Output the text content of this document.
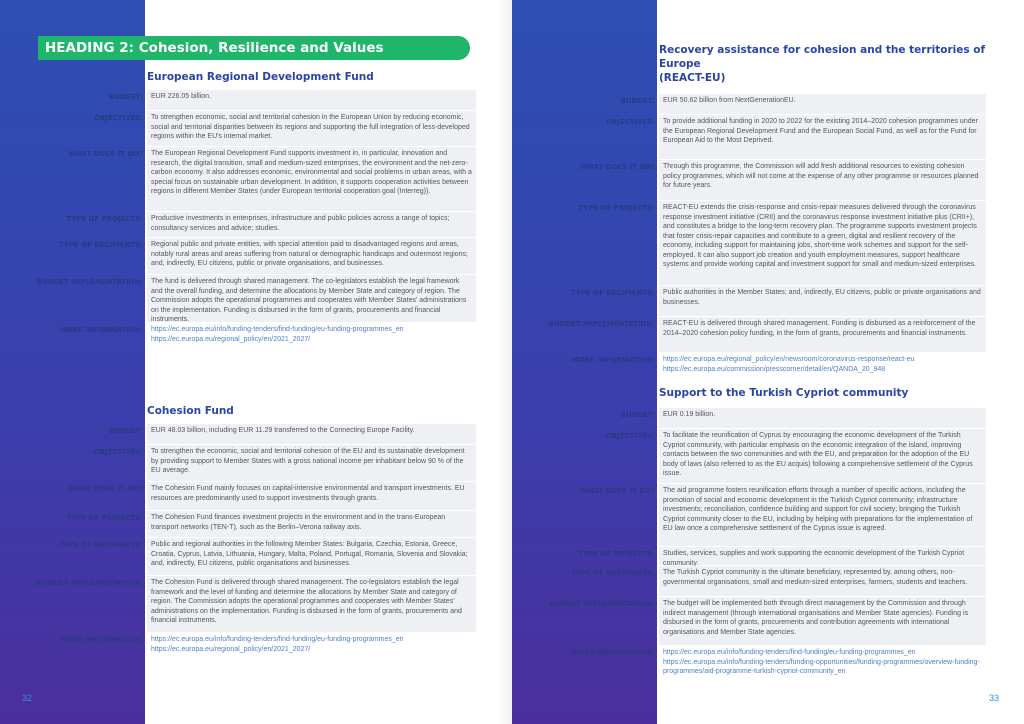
HEADING 2: Cohesion, Resilience and Values
European Regional Development Fund
BUDGET:	EUR 226.05 billion.
OBJECTIVES:	To strengthen economic, social and territorial cohesion in the European Union by reducing economic, social and territorial disparities between its regions and supporting the full integration of less-developed regions within the EU's internal market.
WHAT DOES IT DO?	The European Regional Development Fund supports investment in, in particular, innovation and research, the digital transition, small and medium-sized enterprises, the environment and the net-zero-carbon economy. It also addresses economic, environmental and social problems in urban areas, with a special focus on sustainable urban development. In addition, it supports cooperation activities between regions in different Member States (under European territorial cooperation goal (Interreg)).
TYPE OF PROJECTS:	Productive investments in enterprises, infrastructure and public policies across a range of topics; consultancy services and advice; studies.
TYPE OF RECIPIENTS:	Regional public and private entities, with special attention paid to disadvantaged regions and areas, notably rural areas and areas suffering from natural or demographic handicaps and outermost regions; and, indirectly, EU citizens, public or private organisations, and businesses.
BUDGET IMPLEMENTATION:	The fund is delivered through shared management. The co-legislators establish the legal framework and the overall funding, and determine the allocations by Member State and category of region. The Commission adopts the operational programmes and cooperates with Member States' administrations on the implementation. Funding is disbursed in the form of grants, procurements and financial instruments.
MORE INFORMATION:	https://ec.europa.eu/info/funding-tenders/find-funding/eu-funding-programmes_en
https://ec.europa.eu/regional_policy/en/2021_2027/
Cohesion Fund
BUDGET:	EUR 48.03 billion, including EUR 11.29 transferred to the Connecting Europe Facility.
OBJECTIVES:	To strengthen the economic, social and territorial cohesion of the EU and its sustainable development by providing support to Member States with a gross national income per inhabitant below 90 % of the EU average.
WHAT DOES IT DO?	The Cohesion Fund mainly focuses on capital-intensive environmental and transport investments. EU resources are predominantly used to support investments through grants.
TYPE OF PROJECTS:	The Cohesion Fund finances investment projects in the environment and in the trans-European transport networks (TEN-T), such as the Berlin–Verona railway axis.
TYPE OF RECIPIENTS:	Public and regional authorities in the following Member States: Bulgaria, Czechia, Estonia, Greece, Croatia, Cyprus, Latvia, Lithuania, Hungary, Malta, Poland, Portugal, Romania, Slovenia and Slovakia; and, indirectly, EU citizens, public organisations and businesses.
BUDGET IMPLEMENTATION:	The Cohesion Fund is delivered through shared management. The co-legislators establish the legal framework and the level of funding and determine the allocations by Member State and category of region. The Commission adopts the operational programmes and cooperates with Member States' administrations on the implementation. Funding is disbursed in the form of grants, procurements and financial instruments.
MORE INFORMATION:	https://ec.europa.eu/info/funding-tenders/find-funding/eu-funding-programmes_en
https://ec.europa.eu/regional_policy/en/2021_2027/
32
Recovery assistance for cohesion and the territories of Europe
(REACT-EU)
BUDGET:	EUR 50.62 billion from NextGenerationEU.
OBJECTIVES:	To provide additional funding in 2020 to 2022 for the existing 2014–2020 cohesion programmes under the European Regional Development Fund and the European Social Fund, as well as for the Fund for European Aid to the Most Deprived.
WHAT DOES IT DO?	Through this programme, the Commission will add fresh additional resources to existing cohesion policy programmes, which will not come at the expense of any other programme or resources planned for future years.
TYPE OF PROJECTS:	REACT-EU extends the crisis-response and crisis-repair measures delivered through the coronavirus response investment initiative (CRII) and the coronavirus response investment initiative plus (CRII+), and constitutes a bridge to the long-term recovery plan. The programme supports investment projects that foster crisis-repair capacities and contribute to a green, digital and resilient recovery of the economy, including support for maintaining jobs, short-time work schemes and support for the self-employed. It can also support job creation and youth employment measures, support healthcare systems and provide working capital and investment support for small and medium-sized enterprises.
TYPE OF RECIPIENTS:	Public authorities in the Member States; and, indirectly, EU citizens, public or private organisations and businesses.
BUDGET IMPLEMENTATION:	REACT-EU is delivered through shared management. Funding is disbursed as a reinforcement of the 2014–2020 cohesion policy funding, in the form of grants, procurements and financial instruments.
MORE INFORMATION:	https://ec.europa.eu/regional_policy/en/newsroom/coronavirus-response/react-eu
https://ec.europa.eu/commission/presscorner/detail/en/QANDA_20_948
Support to the Turkish Cypriot community
BUDGET:	EUR 0.19 billion.
OBJECTIVES:	To facilitate the reunification of Cyprus by encouraging the economic development of the Turkish Cypriot community, with particular emphasis on the economic integration of the island, improving contacts between the two communities and with the EU, and preparation for the adoption of the EU body of laws (also referred to as the EU acquis) following a comprehensive settlement of the Cyprus issue.
WHAT DOES IT DO?	The aid programme fosters reunification efforts through a number of specific actions, including the promotion of social and economic development in the Turkish Cypriot community; infrastructure investments; reconciliation, confidence building and support for civil society; bringing the Turkish Cypriot community closer to the EU, including by helping with preparations for the implementation of EU law once a comprehensive settlement of the Cyprus issue is agreed.
TYPE OF PROJECTS:	Studies, services, supplies and work supporting the economic development of the Turkish Cypriot community.
TYPE OF RECIPIENTS:	The Turkish Cypriot community is the ultimate beneficiary, represented by, among others, non-governmental organisations, small and medium-sized enterprises, farmers, students and teachers.
BUDGET IMPLEMENTATION:	The budget will be implemented both through direct management by the Commission and through indirect management (through international organisations and Member State agencies). Funding is disbursed in the form of grants, procurements and contribution agreements with international organisations and Member State agencies.
MORE INFORMATION:	https://ec.europa.eu/info/funding-tenders/find-funding/eu-funding-programmes_en
https://ec.europa.eu/info/funding-tenders/funding-opportunities/funding-programmes/overview-funding-programmes/aid-programme-turkish-cypriot-community_en
33
